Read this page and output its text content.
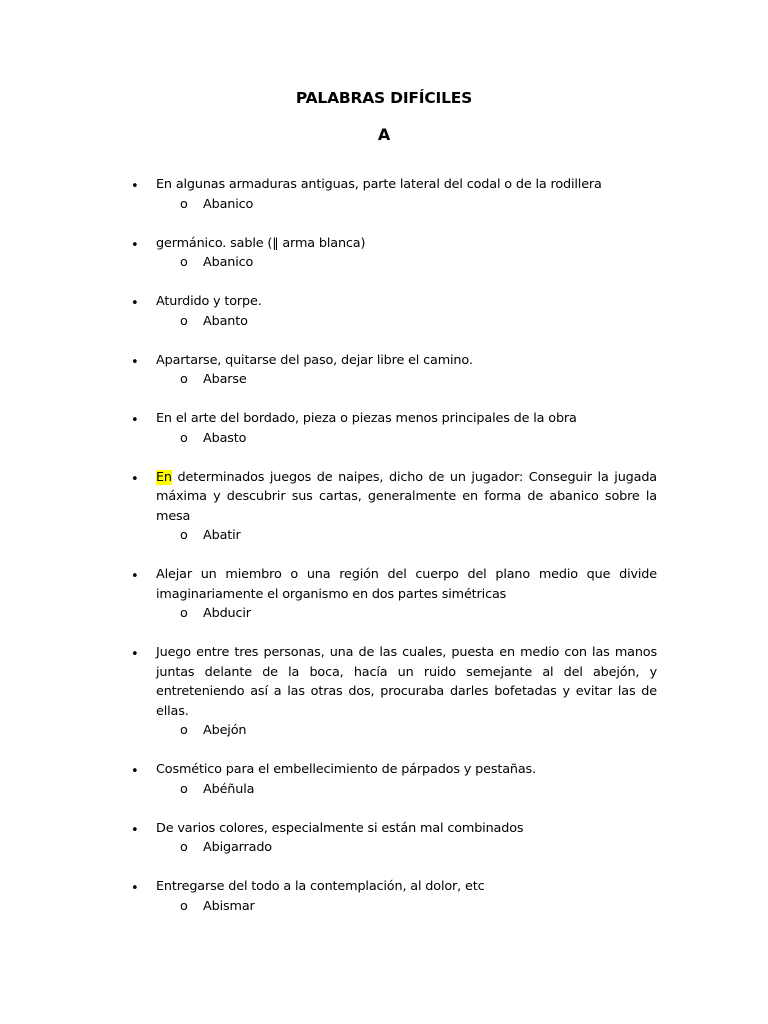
PALABRAS DIFÍCILES
A
• En algunas armaduras antiguas, parte lateral del codal o de la rodillera
o Abanico
• germánico. sable (‖ arma blanca)
o Abanico
• Aturdido y torpe.
o Abanto
• Apartarse, quitarse del paso, dejar libre el camino.
o Abarse
• En el arte del bordado, pieza o piezas menos principales de la obra
o Abasto
• En determinados juegos de naipes, dicho de un jugador: Conseguir la jugada máxima y descubrir sus cartas, generalmente en forma de abanico sobre la mesa
o Abatir
• Alejar un miembro o una región del cuerpo del plano medio que divide imaginariamente el organismo en dos partes simétricas
o Abducir
• Juego entre tres personas, una de las cuales, puesta en medio con las manos juntas delante de la boca, hacía un ruido semejante al del abejón, y entreteniendo así a las otras dos, procuraba darles bofetadas y evitar las de ellas.
o Abejón
• Cosmético para el embellecimiento de párpados y pestañas.
o Abéñula
• De varios colores, especialmente si están mal combinados
o Abigarrado
• Entregarse del todo a la contemplación, al dolor, etc
o Abismar
